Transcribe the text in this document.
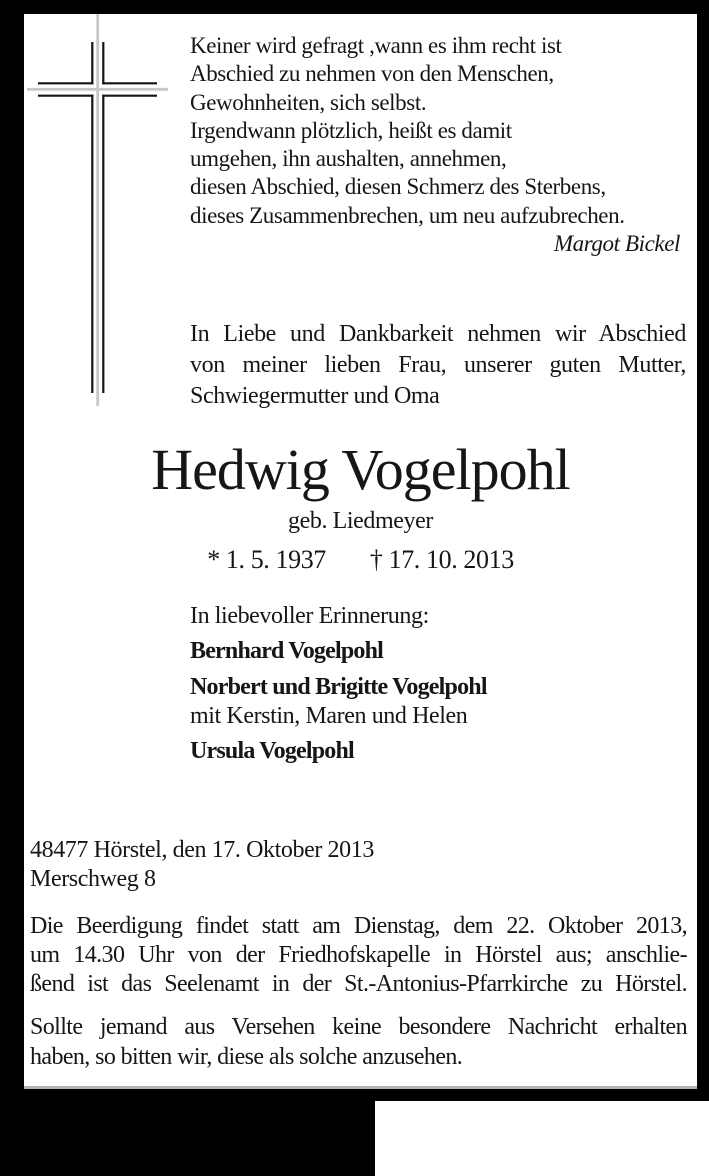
Keiner wird gefragt ,wann es ihm recht ist
Abschied zu nehmen von den Menschen,
Gewohnheiten, sich selbst.
Irgendwann plötzlich, heißt es damit
umgehen, ihn aushalten, annehmen,
diesen Abschied, diesen Schmerz des Sterbens,
dieses Zusammenbrechen, um neu aufzubrechen.
Margot Bickel
In Liebe und Dankbarkeit nehmen wir Abschied
von meiner lieben Frau, unserer guten Mutter,
Schwiegermutter und Oma
Hedwig Vogelpohl
geb. Liedmeyer
* 1. 5. 1937 † 17. 10. 2013
In liebevoller Erinnerung:
Bernhard Vogelpohl
Norbert und Brigitte Vogelpohl
mit Kerstin, Maren und Helen
Ursula Vogelpohl
48477 Hörstel, den 17. Oktober 2013
Merschweg 8
Die Beerdigung findet statt am Dienstag, dem 22. Oktober 2013,
um 14.30 Uhr von der Friedhofskapelle in Hörstel aus; anschlie-
ßend ist das Seelenamt in der St.-Antonius-Pfarrkirche zu Hörstel.
Sollte jemand aus Versehen keine besondere Nachricht erhalten
haben, so bitten wir, diese als solche anzusehen.
